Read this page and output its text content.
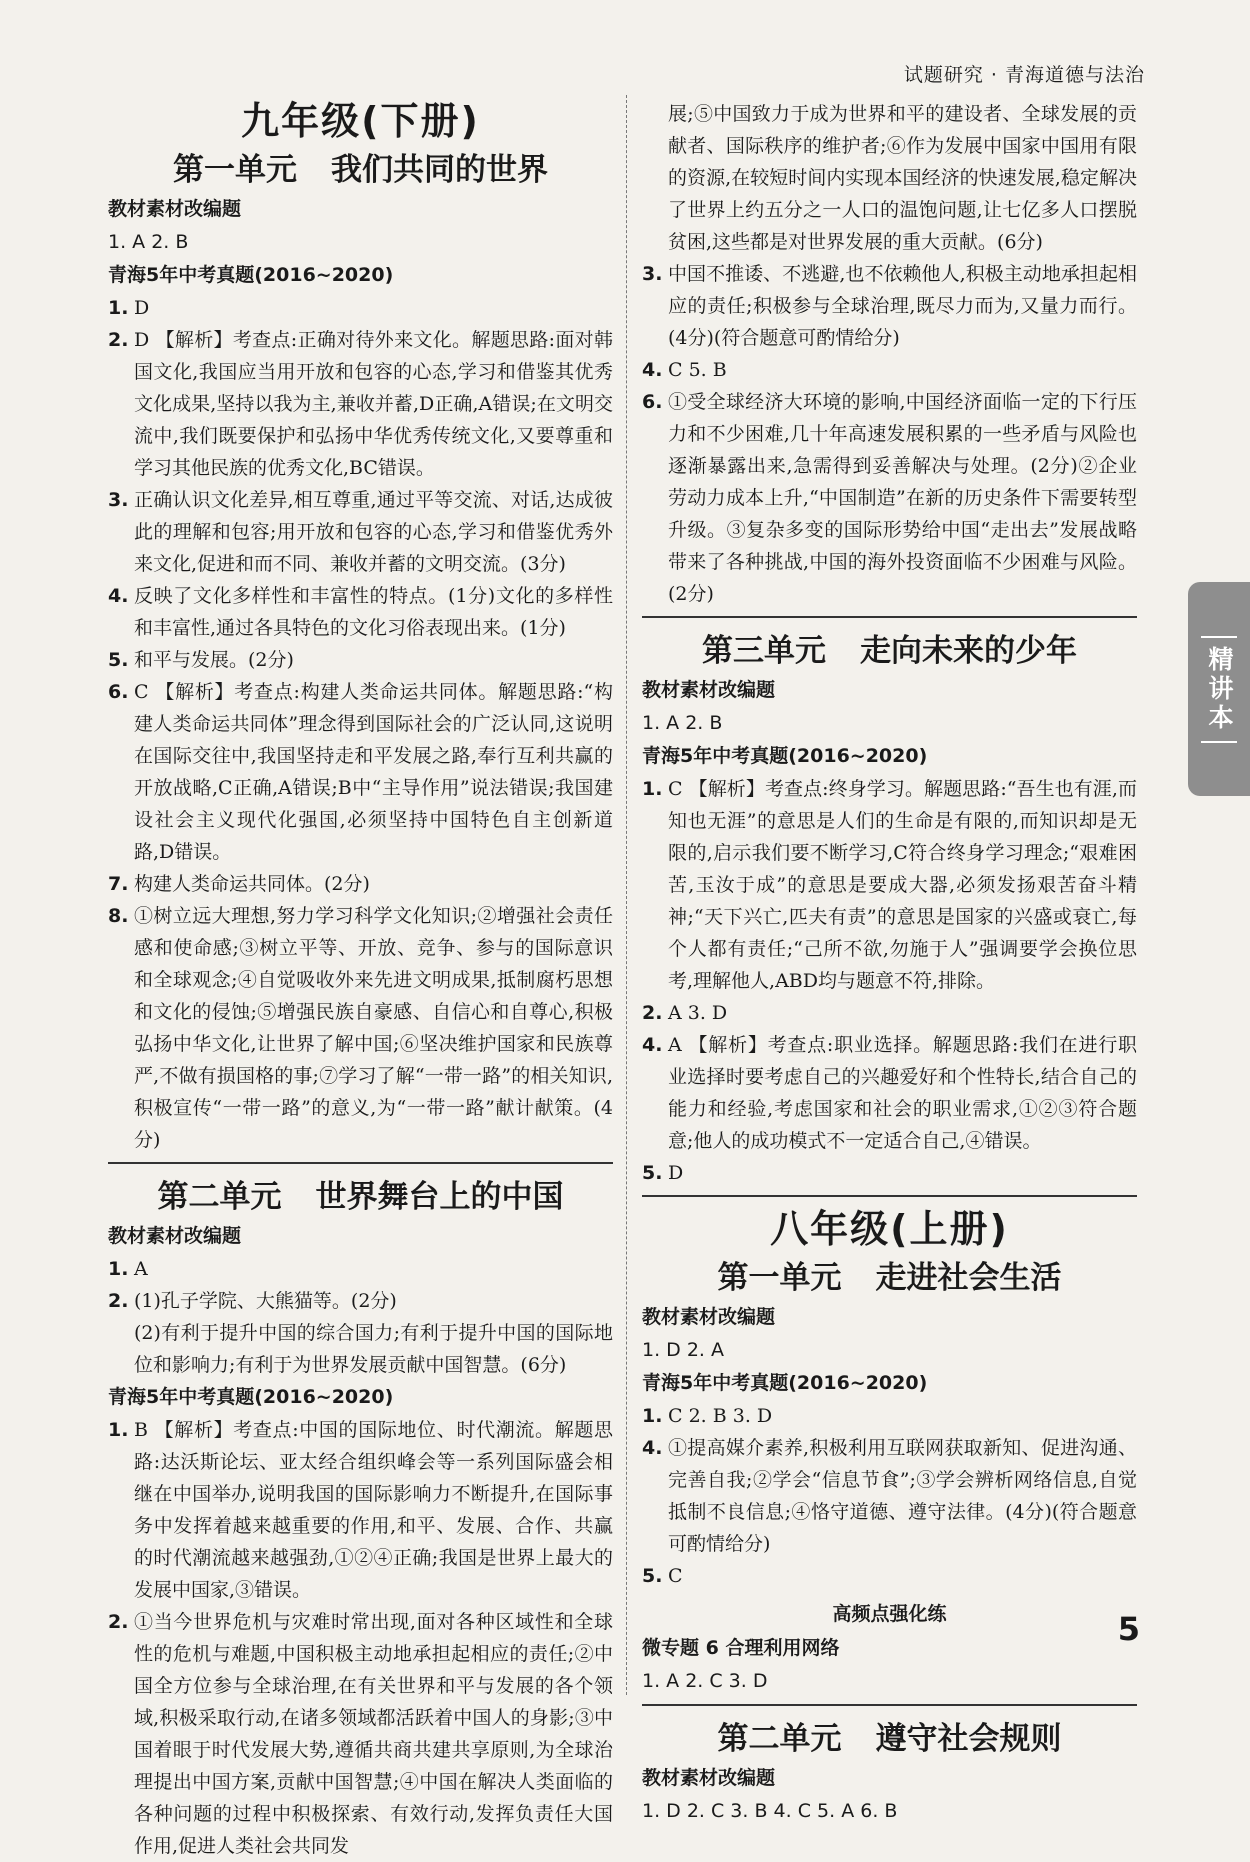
试题研究 · 青海道德与法治
九年级(下册)
第一单元 我们共同的世界
教材素材改编题
1. A 2. B
青海5年中考真题(2016~2020)
1. D
2. D 【解析】考查点:正确对待外来文化。解题思路:面对韩国文化,我国应当用开放和包容的心态,学习和借鉴其优秀文化成果,坚持以我为主,兼收并蓄,D正确,A错误;在文明交流中,我们既要保护和弘扬中华优秀传统文化,又要尊重和学习其他民族的优秀文化,BC错误。
3. 正确认识文化差异,相互尊重,通过平等交流、对话,达成彼此的理解和包容;用开放和包容的心态,学习和借鉴优秀外来文化,促进和而不同、兼收并蓄的文明交流。(3分)
4. 反映了文化多样性和丰富性的特点。(1分)文化的多样性和丰富性,通过各具特色的文化习俗表现出来。(1分)
5. 和平与发展。(2分)
6. C 【解析】考查点:构建人类命运共同体。解题思路:“构建人类命运共同体”理念得到国际社会的广泛认同,这说明在国际交往中,我国坚持走和平发展之路,奉行互利共赢的开放战略,C正确,A错误;B中“主导作用”说法错误;我国建设社会主义现代化强国,必须坚持中国特色自主创新道路,D错误。
7. 构建人类命运共同体。(2分)
8. ①树立远大理想,努力学习科学文化知识;②增强社会责任感和使命感;③树立平等、开放、竞争、参与的国际意识和全球观念;④自觉吸收外来先进文明成果,抵制腐朽思想和文化的侵蚀;⑤增强民族自豪感、自信心和自尊心,积极弘扬中华文化,让世界了解中国;⑥坚决维护国家和民族尊严,不做有损国格的事;⑦学习了解“一带一路”的相关知识,积极宣传“一带一路”的意义,为“一带一路”献计献策。(4分)
第二单元 世界舞台上的中国
教材素材改编题
1. A
2. (1)孔子学院、大熊猫等。(2分)
(2)有利于提升中国的综合国力;有利于提升中国的国际地位和影响力;有利于为世界发展贡献中国智慧。(6分)
青海5年中考真题(2016~2020)
1. B 【解析】考查点:中国的国际地位、时代潮流。解题思路:达沃斯论坛、亚太经合组织峰会等一系列国际盛会相继在中国举办,说明我国的国际影响力不断提升,在国际事务中发挥着越来越重要的作用,和平、发展、合作、共赢的时代潮流越来越强劲,①②④正确;我国是世界上最大的发展中国家,③错误。
2. ①当今世界危机与灾难时常出现,面对各种区域性和全球性的危机与难题,中国积极主动地承担起相应的责任;②中国全方位参与全球治理,在有关世界和平与发展的各个领域,积极采取行动,在诸多领域都活跃着中国人的身影;③中国着眼于时代发展大势,遵循共商共建共享原则,为全球治理提出中国方案,贡献中国智慧;④中国在解决人类面临的各种问题的过程中积极探索、有效行动,发挥负责任大国作用,促进人类社会共同发
展;⑤中国致力于成为世界和平的建设者、全球发展的贡献者、国际秩序的维护者;⑥作为发展中国家中国用有限的资源,在较短时间内实现本国经济的快速发展,稳定解决了世界上约五分之一人口的温饱问题,让七亿多人口摆脱贫困,这些都是对世界发展的重大贡献。(6分)
3. 中国不推诿、不逃避,也不依赖他人,积极主动地承担起相应的责任;积极参与全球治理,既尽力而为,又量力而行。(4分)(符合题意可酌情给分)
4. C 5. B
6. ①受全球经济大环境的影响,中国经济面临一定的下行压力和不少困难,几十年高速发展积累的一些矛盾与风险也逐渐暴露出来,急需得到妥善解决与处理。(2分)②企业劳动力成本上升,“中国制造”在新的历史条件下需要转型升级。③复杂多变的国际形势给中国“走出去”发展战略带来了各种挑战,中国的海外投资面临不少困难与风险。(2分)
第三单元 走向未来的少年
教材素材改编题
1. A 2. B
青海5年中考真题(2016~2020)
1. C 【解析】考查点:终身学习。解题思路:“吾生也有涯,而知也无涯”的意思是人们的生命是有限的,而知识却是无限的,启示我们要不断学习,C符合终身学习理念;“艰难困苦,玉汝于成”的意思是要成大器,必须发扬艰苦奋斗精神;“天下兴亡,匹夫有责”的意思是国家的兴盛或衰亡,每个人都有责任;“己所不欲,勿施于人”强调要学会换位思考,理解他人,ABD均与题意不符,排除。
2. A 3. D
4. A 【解析】考查点:职业选择。解题思路:我们在进行职业选择时要考虑自己的兴趣爱好和个性特长,结合自己的能力和经验,考虑国家和社会的职业需求,①②③符合题意;他人的成功模式不一定适合自己,④错误。
5. D
八年级(上册)
第一单元 走进社会生活
教材素材改编题
1. D 2. A
青海5年中考真题(2016~2020)
1. C 2. B 3. D
4. ①提高媒介素养,积极利用互联网获取新知、促进沟通、完善自我;②学会“信息节食”;③学会辨析网络信息,自觉抵制不良信息;④恪守道德、遵守法律。(4分)(符合题意可酌情给分)
5. C
高频点强化练
微专题 6 合理利用网络
1. A 2. C 3. D
第二单元 遵守社会规则
教材素材改编题
1. D 2. C 3. B 4. C 5. A 6. B
精讲本
5
